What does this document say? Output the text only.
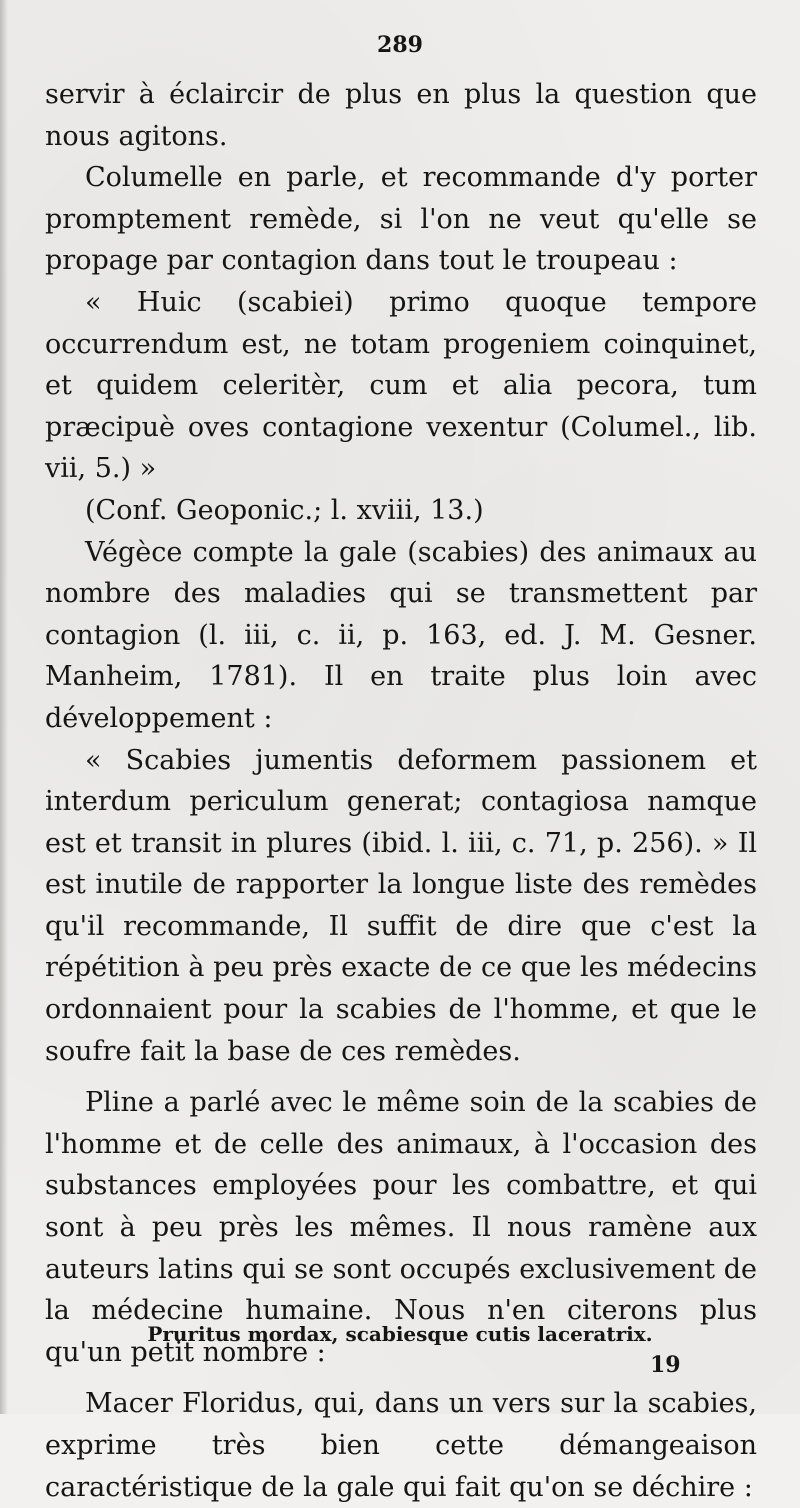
289

servir à éclaircir de plus en plus la question que nous agitons.

Columelle en parle, et recommande d'y porter promptement remède, si l'on ne veut qu'elle se propage par contagion dans tout le troupeau :

« Huic (scabiei) primo quoque tempore occurrendum est, ne totam progeniem coinquinet, et quidem celeritèr, cum et alia pecora, tum præcipuè oves contagione vexentur (Columel., lib. vii, 5.) »

(Conf. Geoponic.; l. xviii, 13.)

Végèce compte la gale (scabies) des animaux au nombre des maladies qui se transmettent par contagion (l. iii, c. ii, p. 163, ed. J. M. Gesner. Manheim, 1781). Il en traite plus loin avec développement :

« Scabies jumentis deformem passionem et interdum periculum generat; contagiosa namque est et transit in plures (ibid. l. iii, c. 71, p. 256). » Il est inutile de rapporter la longue liste des remèdes qu'il recommande, Il suffit de dire que c'est la répétition à peu près exacte de ce que les médecins ordonnaient pour la scabies de l'homme, et que le soufre fait la base de ces remèdes.

Pline a parlé avec le même soin de la scabies de l'homme et de celle des animaux, à l'occasion des substances employées pour les combattre, et qui sont à peu près les mêmes. Il nous ramène aux auteurs latins qui se sont occupés exclusivement de la médecine humaine. Nous n'en citerons plus qu'un petit nombre :

Macer Floridus, qui, dans un vers sur la scabies, exprime très bien cette démangeaison caractéristique de la gale qui fait qu'on se déchire :

Pruritus mordax, scabiesque cutis laceratrix.
19
